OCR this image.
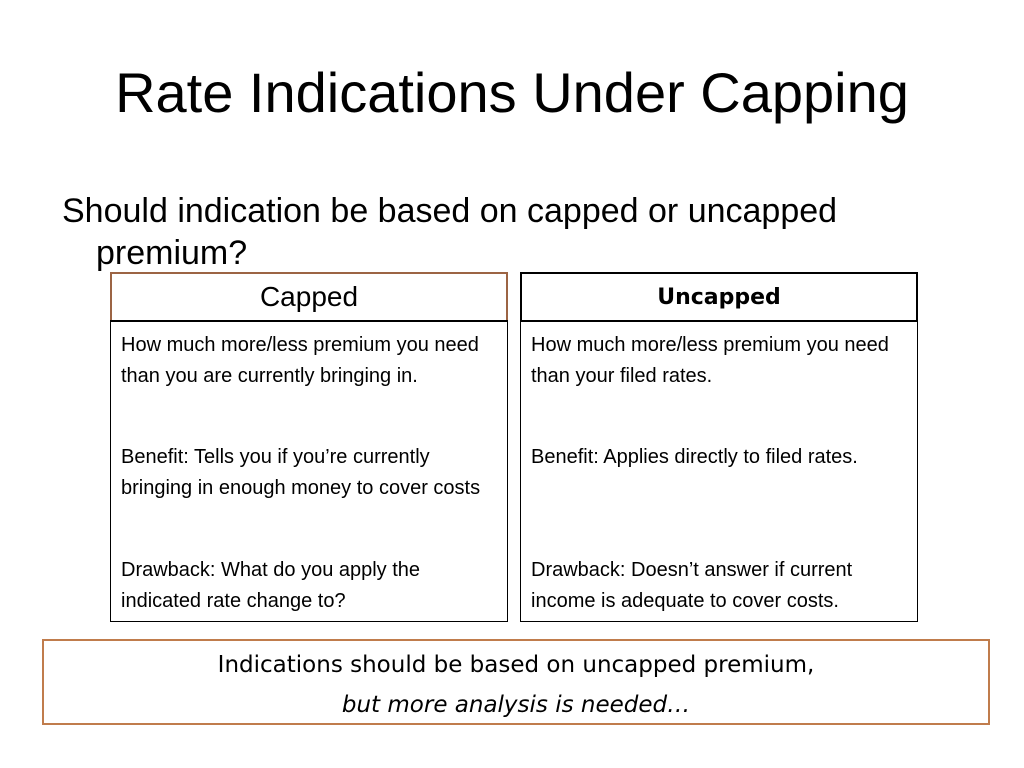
Rate Indications Under Capping
Should indication be based on capped or uncapped premium?
Capped
How much more/less premium you need than you are currently bringing in.
Benefit: Tells you if you’re currently bringing in enough money to cover costs
Drawback: What do you apply the indicated rate change to?
Uncapped
How much more/less premium you need than your filed rates.
Benefit: Applies directly to filed rates.
Drawback: Doesn’t answer if current income is adequate to cover costs.
Indications should be based on uncapped premium,
but more analysis is needed…
